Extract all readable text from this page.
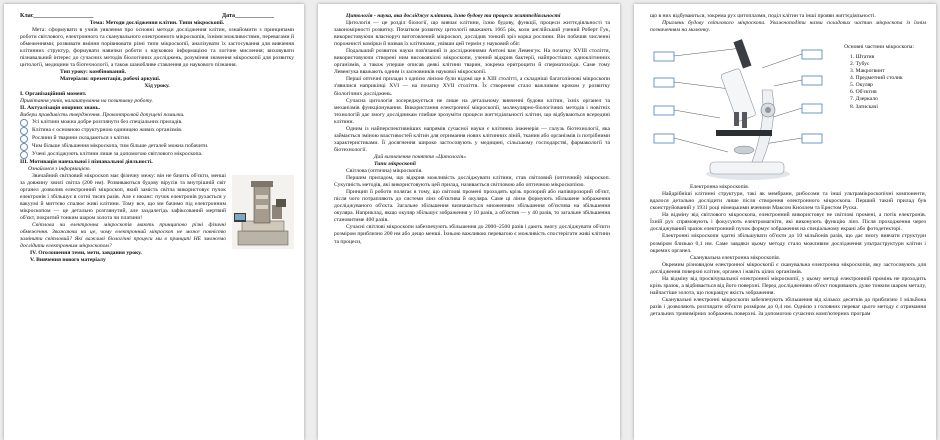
Клас____________________	Дата_____________

Тема: Методи дослідження клітин. Типи мікроскопії.

Мета: сформувати в учнів уявлення про основні методи дослідження клітин, ознайомити з принципами роботи світлового, електронного та сканувального електронного мікроскопів, їхніми можливостями, перевагами й обмеженнями; розвивати вміння порівнювати різні типи мікроскопії, аналізувати їх застосування для вивчення клітинних структур, формувати навички роботи з науковою інформацією та логічне мислення; виховувати пізнавальний інтерес до сучасних методів біологічних досліджень, розуміння значення мікроскопії для розвитку цитології, медицини та біотехнології, а також шанобливе ставлення до наукового пізнання.

Тип уроку: комбінований.

Матеріали: презентація, робочі аркуші.

Хід уроку.

I. Організаційний момент.

Привітання учнів, налаштування на позитивну роботу.

II. Актуалізація опорних знань.

Вибери правдивість твердження. Проконтролюй допущені помилки.

Усі клітини можна добре розглянути без спеціальних приладів.
Клітина є основною структурною одиницею живих організмів.
Рослини й тварини складаються з клітин.
Чим більше збільшення мікроскопа, тим більше деталей можна побачити.
Учені досліджують клітини лише за допомогою світлового мікроскопа.

III. Мотивація навчальної і пізнавальної діяльності.

Ознайомся з інформацією.

Звичайний світловий мікроскоп має фізичну межу: він не бачить об'єкти, менші за довжину хвилі світла (200 нм). Розвиваються будову вірусів та внутрішній світ органел дозволив електронний мікроскоп, який замість світла використовує пучок електронів і збільшує в сотні тисяч разів. Але є нюанс: пучок електронів рухається у вакуумі й миттєво спалює живі клітини. Тому все, що ми бачимо під електронним мікроскопом — це детально розглянутий, але заздалегідь зафіксований мертвий об'єкт, покритий тонким шаром золота чи платини!

Світлова чи електронна мікроскопія мають принципово різні фізичні обмеження. Зважаючи на це, чому електронний мікроскоп не може повністю замінити світловий? Які важливі біологічні процеси ми в принципі НЕ зможемо дослідити електронним мікроскопом?

IV. Оголошення теми, мети, завдання уроку.

V. Вивчення нового матеріалу

Цитологія - наука, яка досліджує клітини, їхню будову та процеси життєдіяльності

Цитологія — це розділ біології, що вивчає клітини, їхню будову, функції, процеси життєдіяльності та закономірності розвитку. Початком розвитку цитології вважають 1665 рік, коли англійський учений Роберт Гук, використовуючи власноруч виготовлений мікроскоп, дослідив тонкий зріз корка рослини. Він побачив численні порожнисті комірки й назвав їх клітинами, увівши цей термін у науковий обіг.

Подальший розвиток науки пов'язаний із дослідженнями Антоні ван Левенгук. На початку XVIII століття, використовуючи створені ним високоякісні мікроскопи, учений відкрив бактерії, найпростіших одноклітинних організмів, а також уперше описав деякі клітини тварин, зокрема еритроцити й сперматозоїди. Саме тому Левенгука вважають одним із засновників наукової мікроскопії.

Перші оптичні прилади з однією лінзою були відомі ще в XIII столітті, а складніші багатолінзові мікроскопи з'явилися наприкінці XVI — на початку XVII століття. Їх створення стало важливим кроком у розвитку біологічних досліджень.

Сучасна цитологія зосереджується не лише на детальному вивченні будови клітин, їхніх органел та механізмів функціонування. Використання електронної мікроскопії, молекулярно-біологічних методів і новітніх технологій дає змогу дослідникам глибше зрозуміти процеси життєдіяльності клітин, що відбуваються всередині клітини.

Одним із найперспективніших напрямів сучасної науки є клітинна інженерія — галузь біотехнології, яка займається зміною властивостей клітин для отримання нових клітинних ліній, тканин або організмів із потрібними характеристиками. Її досягнення широко застосовують у медицині, сільському господарстві, фармакології та біотехнології.

Дай визначення поняття «Цитологія»

Типи мікроскопії

Світлова (оптична) мікроскопія.

Першим приладом, що відкрив можливість досліджувати клітини, став світловий (оптичний) мікроскоп. Сукупність методів, які використовують цей прилад, називається світловою або оптичною мікроскопією.

Принцип її роботи полягає в тому, що світлові промені проходять крізь прозорий або напівпрозорий об'єкт, після чого потрапляють до системи лінз об'єктива й окуляра. Саме ці лінзи формують збільшене зображення досліджуваного об'єкта. Загальне збільшення визначається множенням збільшення об'єктива на збільшення окуляра. Наприклад, якщо окуляр збільшує зображення у 10 разів, а об'єктив — у 40 разів, то загальне збільшення становитиме 400 разів.

Сучасні світлові мікроскопи забезпечують збільшення до 2000–2500 разів і дають змогу досліджувати об'єкти розміром приблизно 200 нм або дещо менші. Їхньою важливою перевагою є можливість спостерігати живі клітини та процеси,

що в них відбуваються, зокрема рух цитоплазми, поділ клітин та інші прояви життєдіяльності.

Приглянь будову світлового мікроскопа. Уважноподіти назви складових частин мікроскопа із їхнім позначенням на малюнку.

Основні частини мікроскопа:

1. Штатив
2. Тубус
3. Макрогвинт
4. Предметний столик
5. Окуляр
6. Об'єктив
7. Дзеркало
8. Затискачі

Електронна мікроскопія.

Найдрібніші клітинні структури, такі як мембрани, рибосоми та інші ультрамікроскопічні компоненти, вдалося детально дослідити лише після створення електронного мікроскопа. Перший такий прилад був сконструйований у 1931 році німецькими вченими Максом Кноллем та Ернстом Руска.

На відміну від світлового мікроскопа, електронний використовує не світлові промені, а потік електронів. Їхній рух спрямовують і фокусують електромагніти, які виконують функцію лінз. Після проходження через досліджуваний зразок електронний пучок формує зображення на спеціальному екрані або фотодетекторі.

Електронні мікроскопи здатні збільшувати об'єкти до 10 мільйонів разів, що дає змогу вивчати структури розміром близько 0,1 нм. Саме завдяки цьому методу стало можливим дослідження ультраструктури клітин і окремих органел.

Сканувальна електронна мікроскопія.

Окремим різновидом електронної мікроскопії є сканувальна електронна мікроскопія, яку застосовують для дослідження поверхні клітин, органел і навіть цілих організмів.

На відміну від просвічувальної електронної мікроскопії, у цьому методі електронний промінь не проходить крізь зразок, а відбивається від його поверхні. Перед дослідженням об'єкт покривають дуже тонким шаром металу, найчастіше золота, що покращує якість зображення.

Сканувальні електронні мікроскопи забезпечують збільшення від кількох десятків до приблизно 1 мільйона разів і дозволяють розглядати об'єкти розміром до 0,4 нм. Однією з головних переваг цього методу є отримання детальних тривимірних зображень поверхні. За допомогою сучасних комп'ютерних програм
